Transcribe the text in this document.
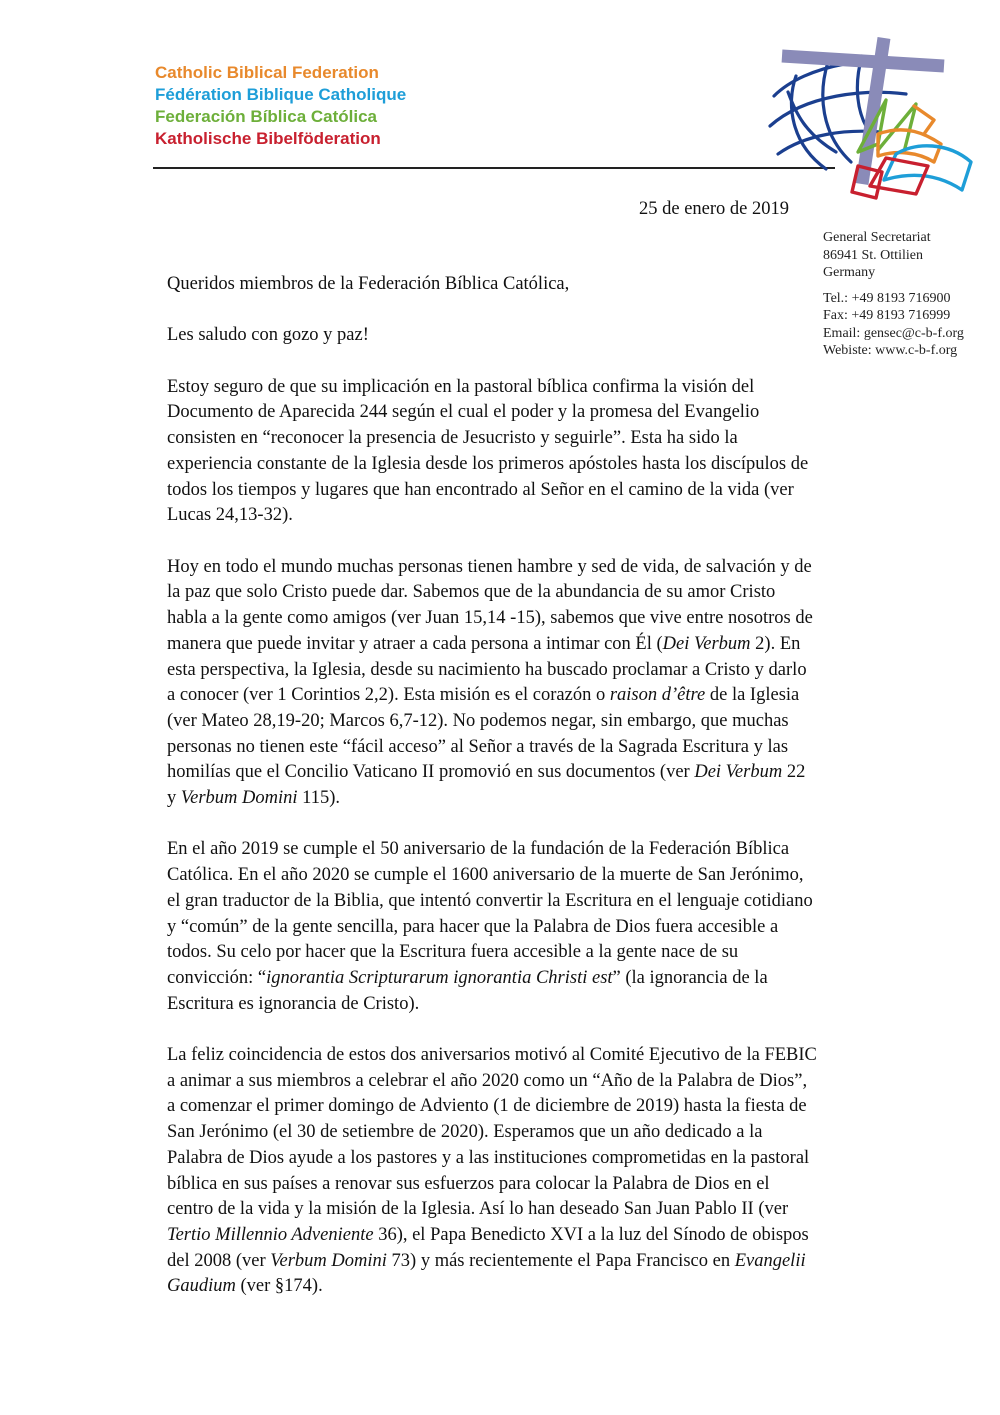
Catholic Biblical Federation
Fédération Biblique Catholique
Federación Bíblica Católica
Katholische Bibelföderation
25 de enero de 2019
General Secretariat
86941 St. Ottilien
Germany
Tel.: +49 8193 716900
Fax: +49 8193 716999
Email: gensec@c-b-f.org
Webiste: www.c-b-f.org

Queridos miembros de la Federación Bíblica Católica,

Les saludo con gozo y paz!

Estoy seguro de que su implicación en la pastoral bíblica confirma la visión del Documento de Aparecida 244 según el cual el poder y la promesa del Evangelio consisten en “reconocer la presencia de Jesucristo y seguirle”. Esta ha sido la experiencia constante de la Iglesia desde los primeros apóstoles hasta los discípulos de todos los tiempos y lugares que han encontrado al Señor en el camino de la vida (ver Lucas 24,13-32).

Hoy en todo el mundo muchas personas tienen hambre y sed de vida, de salvación y de la paz que solo Cristo puede dar. Sabemos que de la abundancia de su amor Cristo habla a la gente como amigos (ver Juan 15,14 -15), sabemos que vive entre nosotros de manera que puede invitar y atraer a cada persona a intimar con Él (Dei Verbum 2). En esta perspectiva, la Iglesia, desde su nacimiento ha buscado proclamar a Cristo y darlo a conocer (ver 1 Corintios 2,2). Esta misión es el corazón o raison d’être de la Iglesia (ver Mateo 28,19-20; Marcos 6,7-12). No podemos negar, sin embargo, que muchas personas no tienen este “fácil acceso” al Señor a través de la Sagrada Escritura y las homilías que el Concilio Vaticano II promovió en sus documentos (ver Dei Verbum 22 y Verbum Domini 115).

En el año 2019 se cumple el 50 aniversario de la fundación de la Federación Bíblica Católica. En el año 2020 se cumple el 1600 aniversario de la muerte de San Jerónimo, el gran traductor de la Biblia, que intentó convertir la Escritura en el lenguaje cotidiano y “común” de la gente sencilla, para hacer que la Palabra de Dios fuera accesible a todos. Su celo por hacer que la Escritura fuera accesible a la gente nace de su convicción: “ignorantia Scripturarum ignorantia Christi est” (la ignorancia de la Escritura es ignorancia de Cristo).

La feliz coincidencia de estos dos aniversarios motivó al Comité Ejecutivo de la FEBIC a animar a sus miembros a celebrar el año 2020 como un “Año de la Palabra de Dios”, a comenzar el primer domingo de Adviento (1 de diciembre de 2019) hasta la fiesta de San Jerónimo (el 30 de setiembre de 2020). Esperamos que un año dedicado a la Palabra de Dios ayude a los pastores y a las instituciones comprometidas en la pastoral bíblica en sus países a renovar sus esfuerzos para colocar la Palabra de Dios en el centro de la vida y la misión de la Iglesia. Así lo han deseado San Juan Pablo II (ver Tertio Millennio Adveniente 36), el Papa Benedicto XVI a la luz del Sínodo de obispos del 2008 (ver Verbum Domini 73) y más recientemente el Papa Francisco en Evangelii Gaudium (ver §174).
